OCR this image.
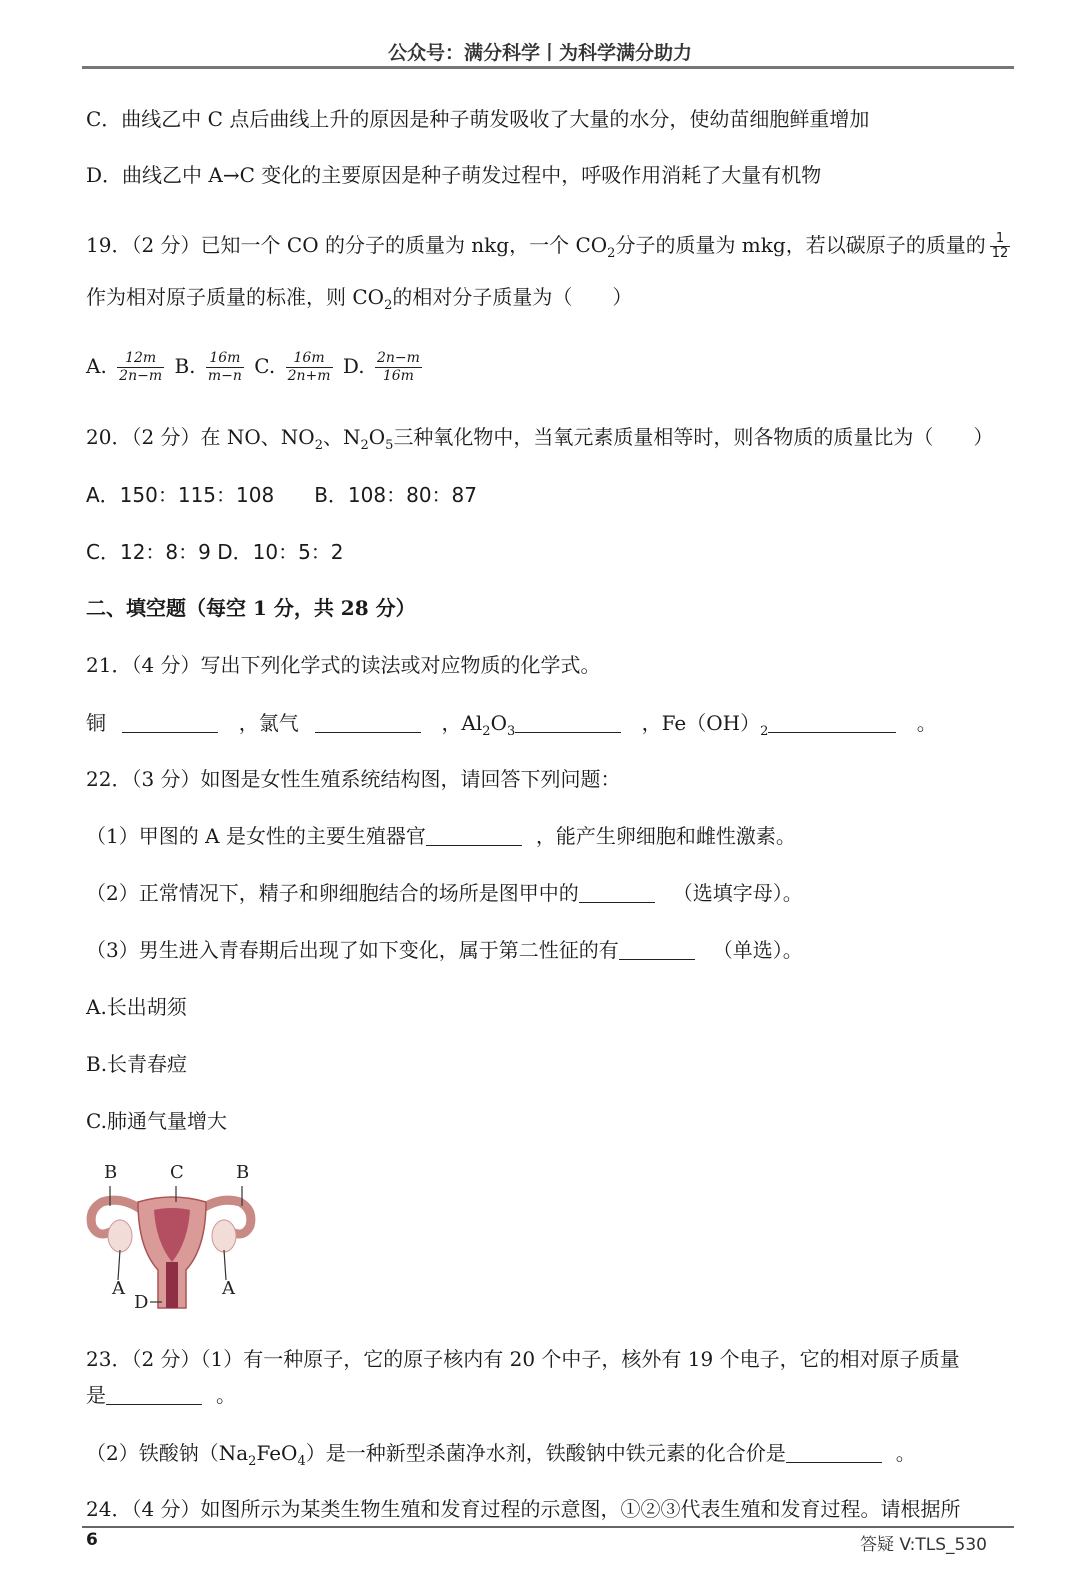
公众号：满分科学丨为科学满分助力
C．曲线乙中 C 点后曲线上升的原因是种子萌发吸收了大量的水分，使幼苗细胞鲜重增加
D．曲线乙中 A→C 变化的主要原因是种子萌发过程中，呼吸作用消耗了大量有机物
19．（2 分）已知一个 CO 的分子的质量为 nkg，一个 $CO_2$分子的质量为 mkg，若以碳原子的质量的 $\frac{1}{12}$
作为相对原子质量的标准，则 $CO_2$的相对分子质量为（　　）
A. $\frac{12m}{2n-m} B$. $\frac{16m}{m-n} C$. $\frac{16m}{2n+m} D$. $\frac{2n-m}{16m}$
20．（2 分）在 NO、$NO_2$、$N_2O_5$三种氧化物中，当氧元素质量相等时，则各物质的质量比为（　　）
A．150：115：108　　B．108：80：87
C．12：8：9 D．10：5：2
二、填空题（每空 1 分，共 28 分）
21．（4 分）写出下列化学式的读法或对应物质的化学式。
铜	，氯气	，$Al_2O_3$	，$Fe(OH)_2$	。
22．（3 分）如图是女性生殖系统结构图，请回答下列问题：
（1）甲图的 A 是女性的主要生殖器官	，能产生卵细胞和雌性激素。
（2）正常情况下，精子和卵细胞结合的场所是图甲中的	（选填字母）。
（3）男生进入青春期后出现了如下变化，属于第二性征的有	（单选）。
A.长出胡须
B.长青春痘
C.肺通气量增大
B	C	B
A	A
D
23．（2 分）（1）有一种原子，它的原子核内有 20 个中子，核外有 19 个电子，它的相对原子质量
是	。
（2）铁酸钠$(Na_2FeO_4)$是一种新型杀菌净水剂，铁酸钠中铁元素的化合价是	。
24．（4 分）如图所示为某类生物生殖和发育过程的示意图，①②③代表生殖和发育过程。请根据所
6	答疑 V:TLS_530
